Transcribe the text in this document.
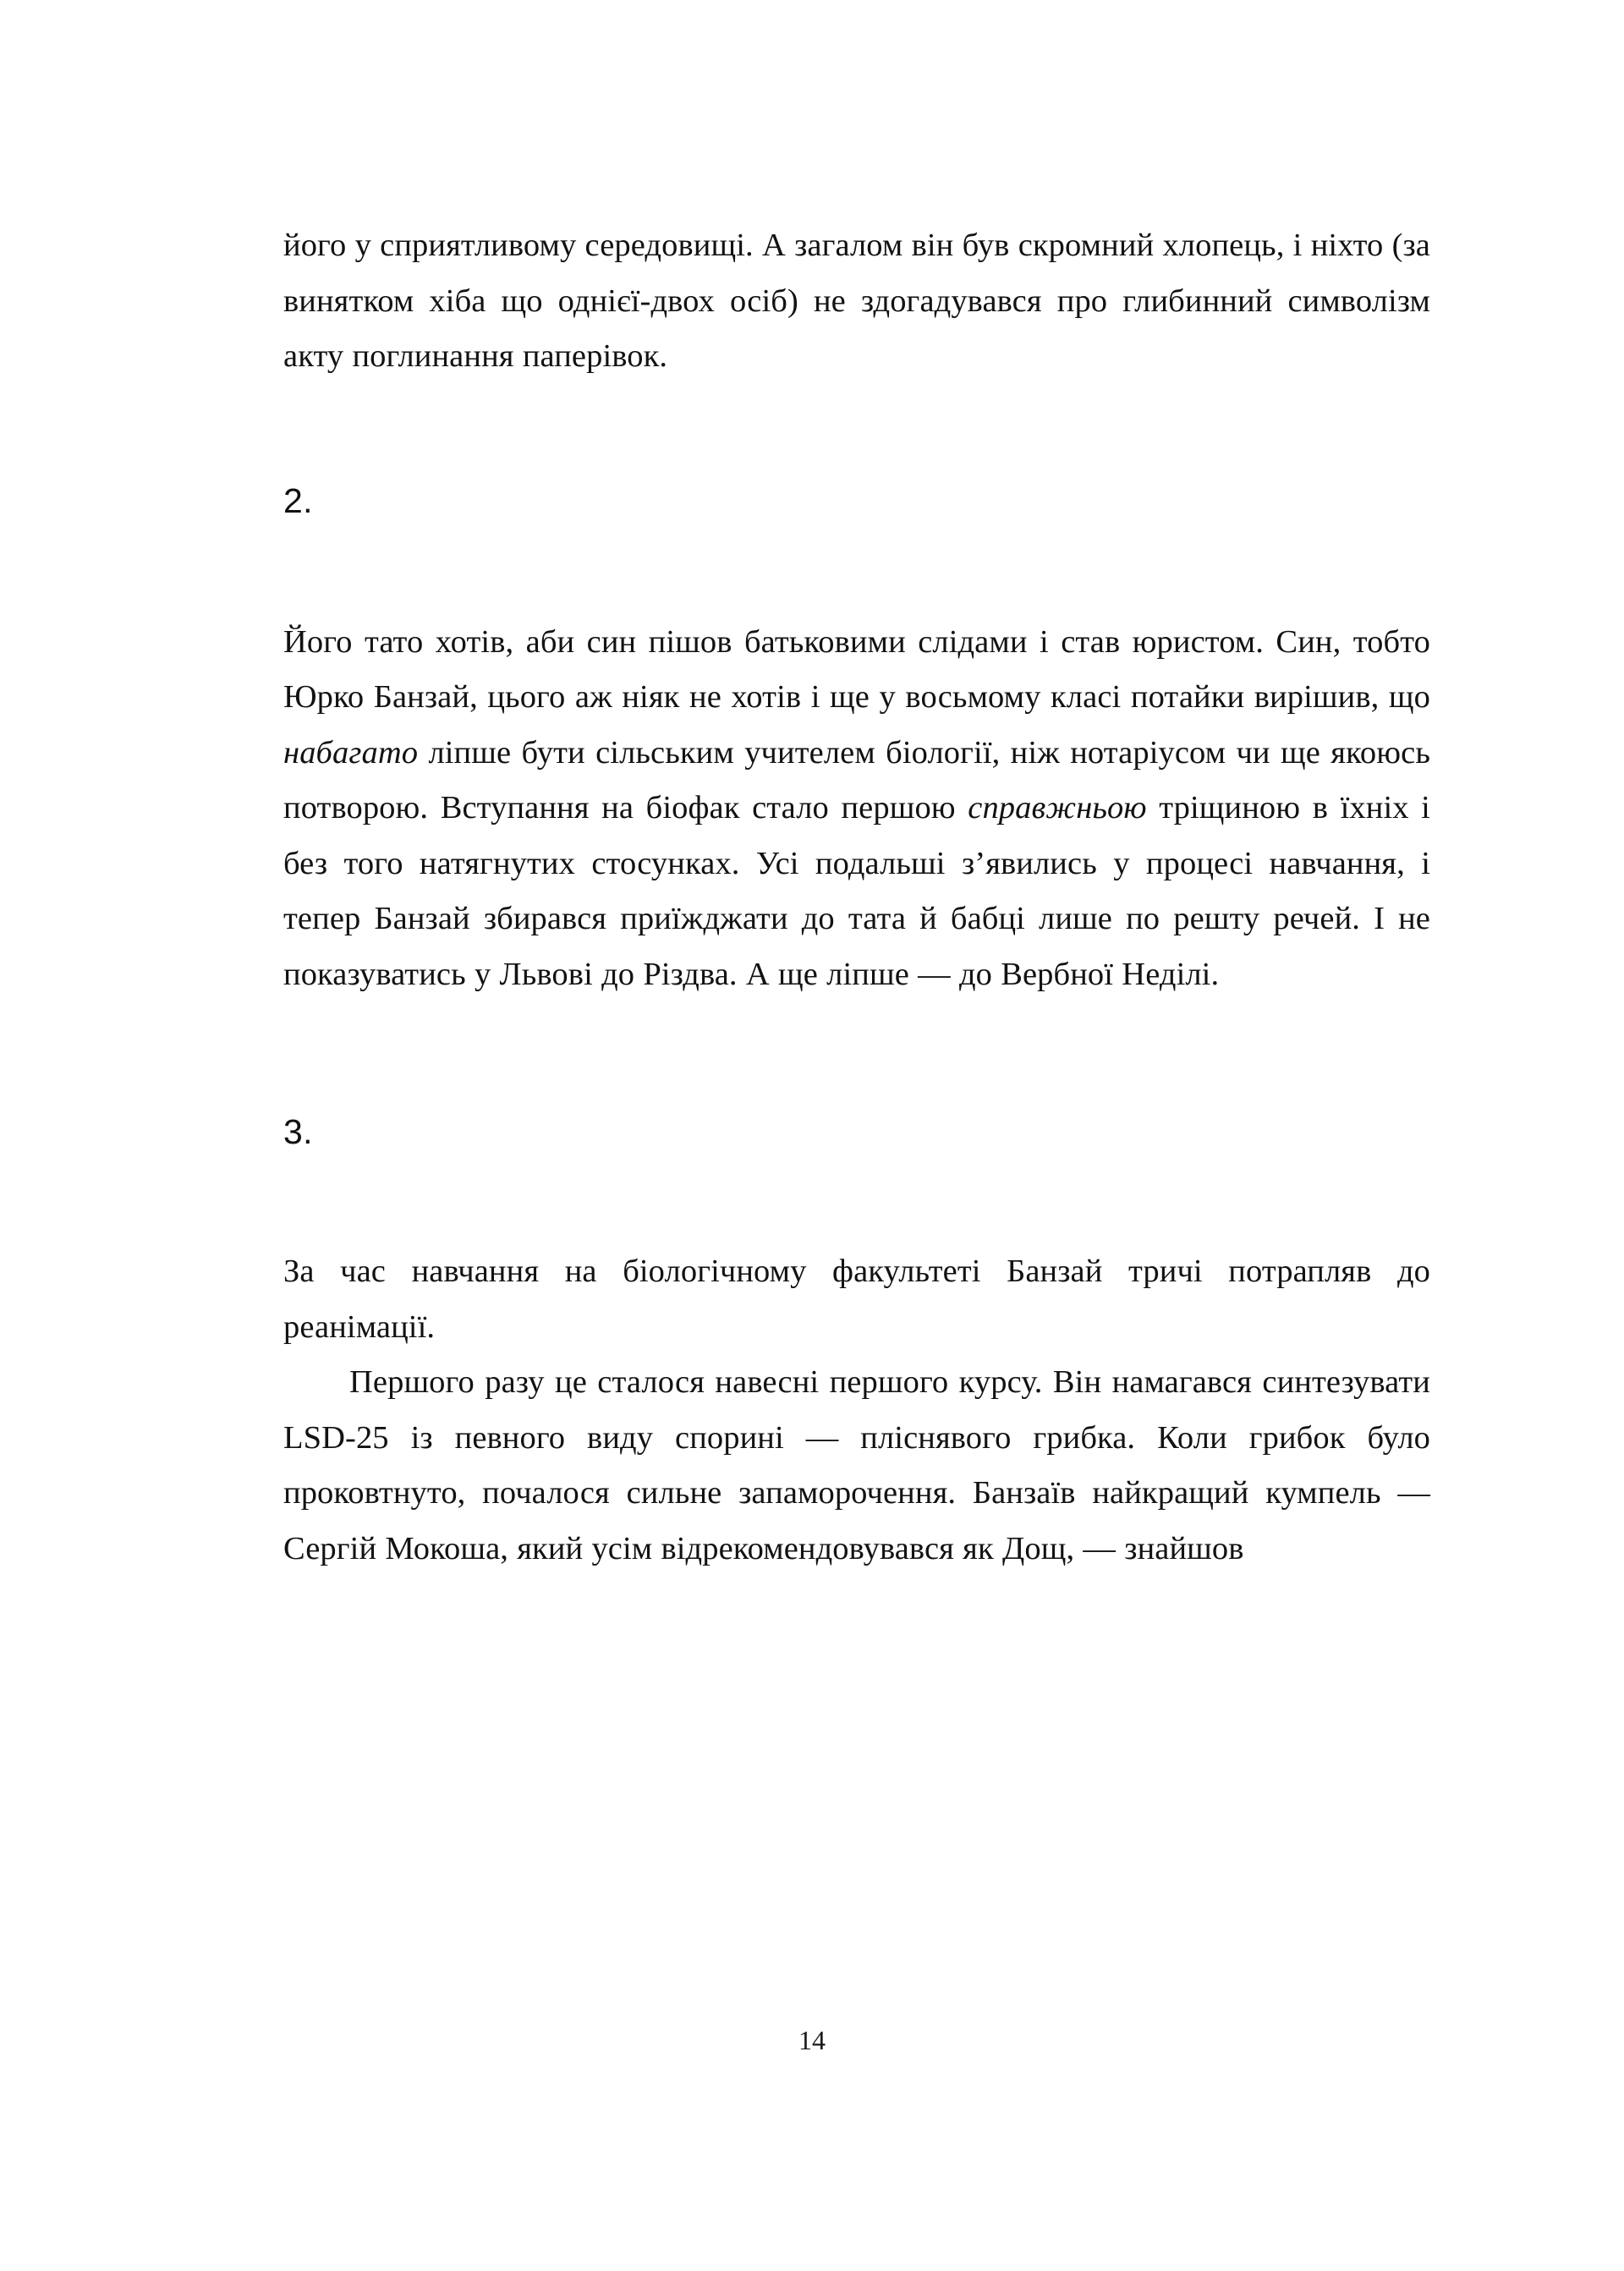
його у сприятливому середовищі. А загалом він був скромний хлопець, і ніхто (за винятком хіба що однієї-двох осіб) не здогадувався про глибинний символізм акту поглинання паперівок.

2.

Його тато хотів, аби син пішов батьковими слідами і став юристом. Син, тобто Юрко Банзай, цього аж ніяк не хотів і ще у восьмому класі потайки вирішив, що набагато ліпше бути сільським учителем біології, ніж нотаріусом чи ще якоюсь потворою. Вступання на біофак стало першою справжньою тріщиною в їхніх і без того натягнутих стосунках. Усі подальші з’явились у процесі навчання, і тепер Банзай збирався приїжджати до тата й бабці лише по решту речей. І не показуватись у Львові до Різдва. А ще ліпше — до Вербної Неділі.

3.

За час навчання на біологічному факультеті Банзай тричі потрапляв до реанімації.

Першого разу це сталося навесні першого курсу. Він намагався синтезувати LSD-25 із певного виду спорині — пліснявого грибка. Коли грибок було проковтнуто, почалося сильне запаморочення. Банзаїв найкращий кумпель — Сергій Мокоша, який усім відрекомендовувався як Дощ, — знайшов

14
